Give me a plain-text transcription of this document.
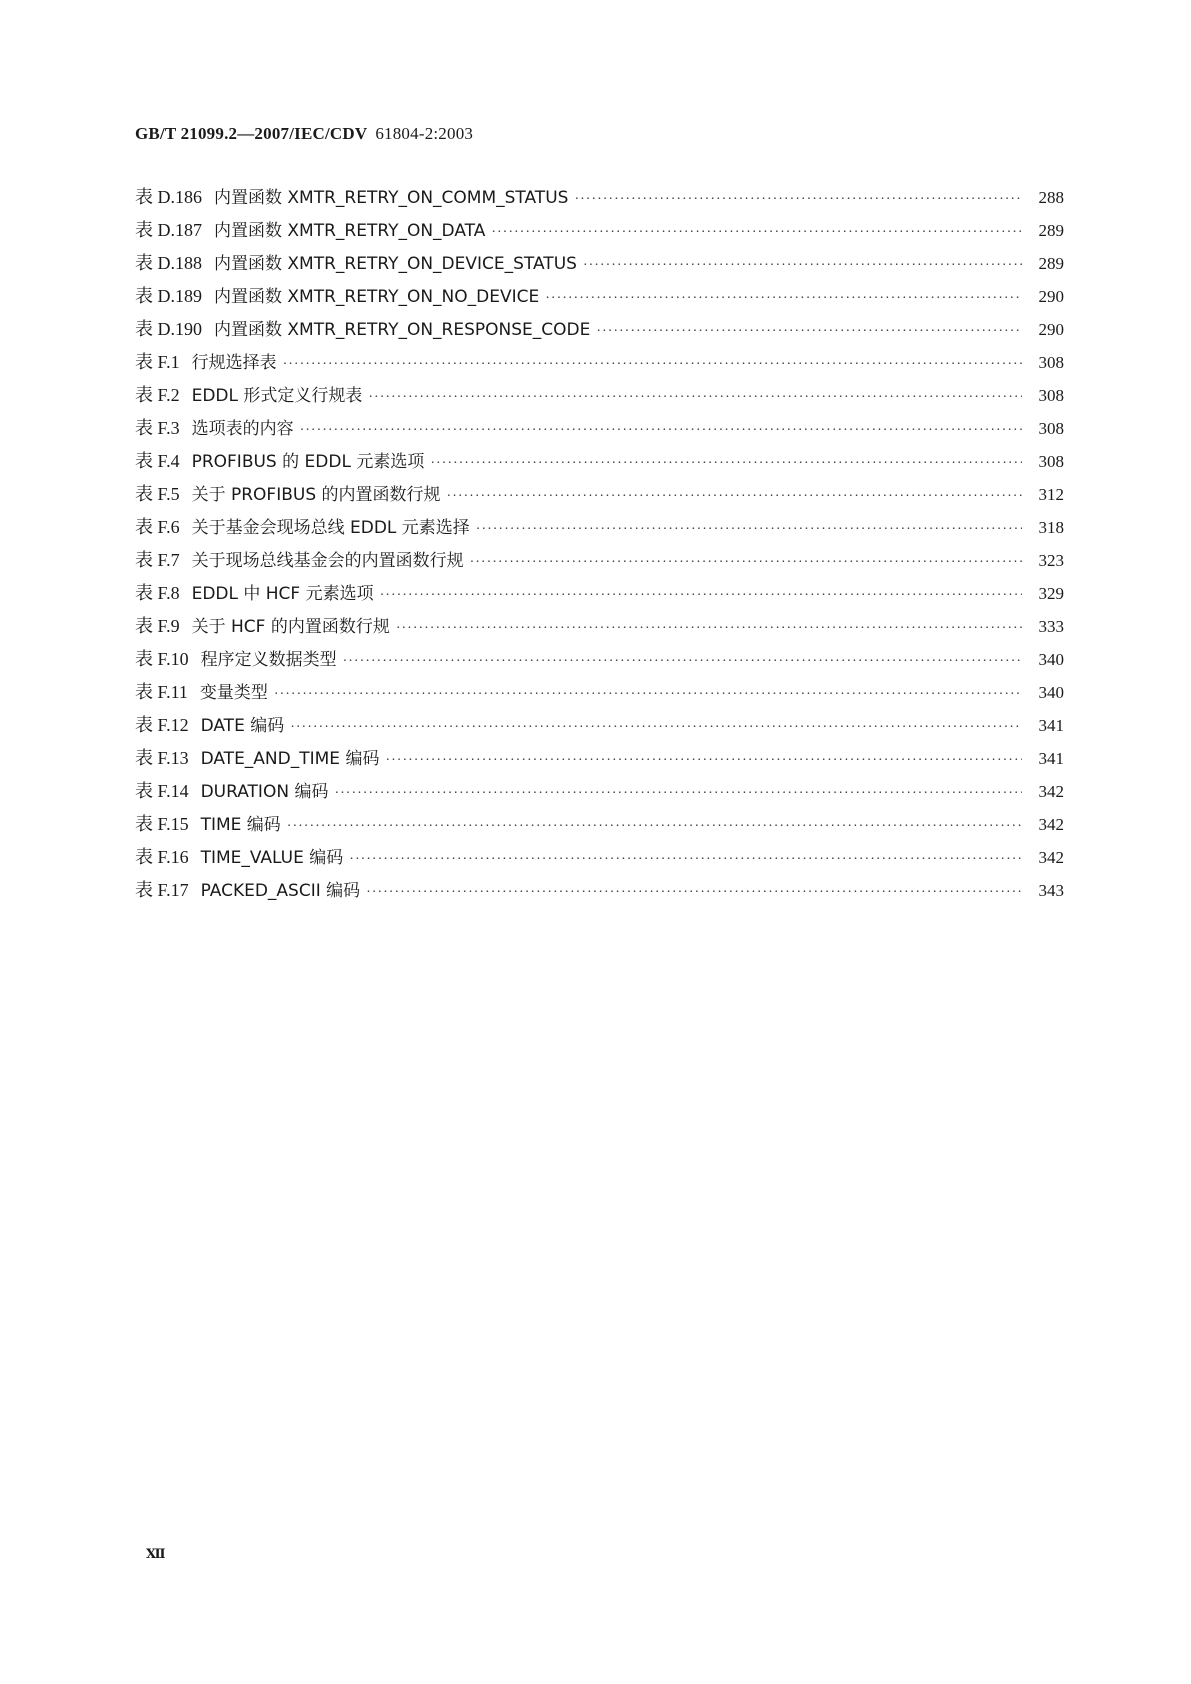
GB/T 21099.2—2007/IEC/CDV 61804-2:2003
表 D.186 内置函数 XMTR_RETRY_ON_COMM_STATUS ·····	288
表 D.187 内置函数 XMTR_RETRY_ON_DATA ·····	289
表 D.188 内置函数 XMTR_RETRY_ON_DEVICE_STATUS ·····	289
表 D.189 内置函数 XMTR_RETRY_ON_NO_DEVICE ·····	290
表 D.190 内置函数 XMTR_RETRY_ON_RESPONSE_CODE ·····	290
表 F.1 行规选择表 ·····	308
表 F.2 EDDL 形式定义行规表 ·····	308
表 F.3 选项表的内容 ·····	308
表 F.4 PROFIBUS 的 EDDL 元素选项 ·····	308
表 F.5 关于 PROFIBUS 的内置函数行规 ·····	312
表 F.6 关于基金会现场总线 EDDL 元素选择 ·····	318
表 F.7 关于现场总线基金会的内置函数行规 ·····	323
表 F.8 EDDL 中 HCF 元素选项 ·····	329
表 F.9 关于 HCF 的内置函数行规 ·····	333
表 F.10 程序定义数据类型 ·····	340
表 F.11 变量类型 ·····	340
表 F.12 DATE 编码 ·····	341
表 F.13 DATE_AND_TIME 编码 ·····	341
表 F.14 DURATION 编码 ·····	342
表 F.15 TIME 编码 ·····	342
表 F.16 TIME_VALUE 编码 ·····	342
表 F.17 PACKED_ASCII 编码 ·····	343
Ⅻ
